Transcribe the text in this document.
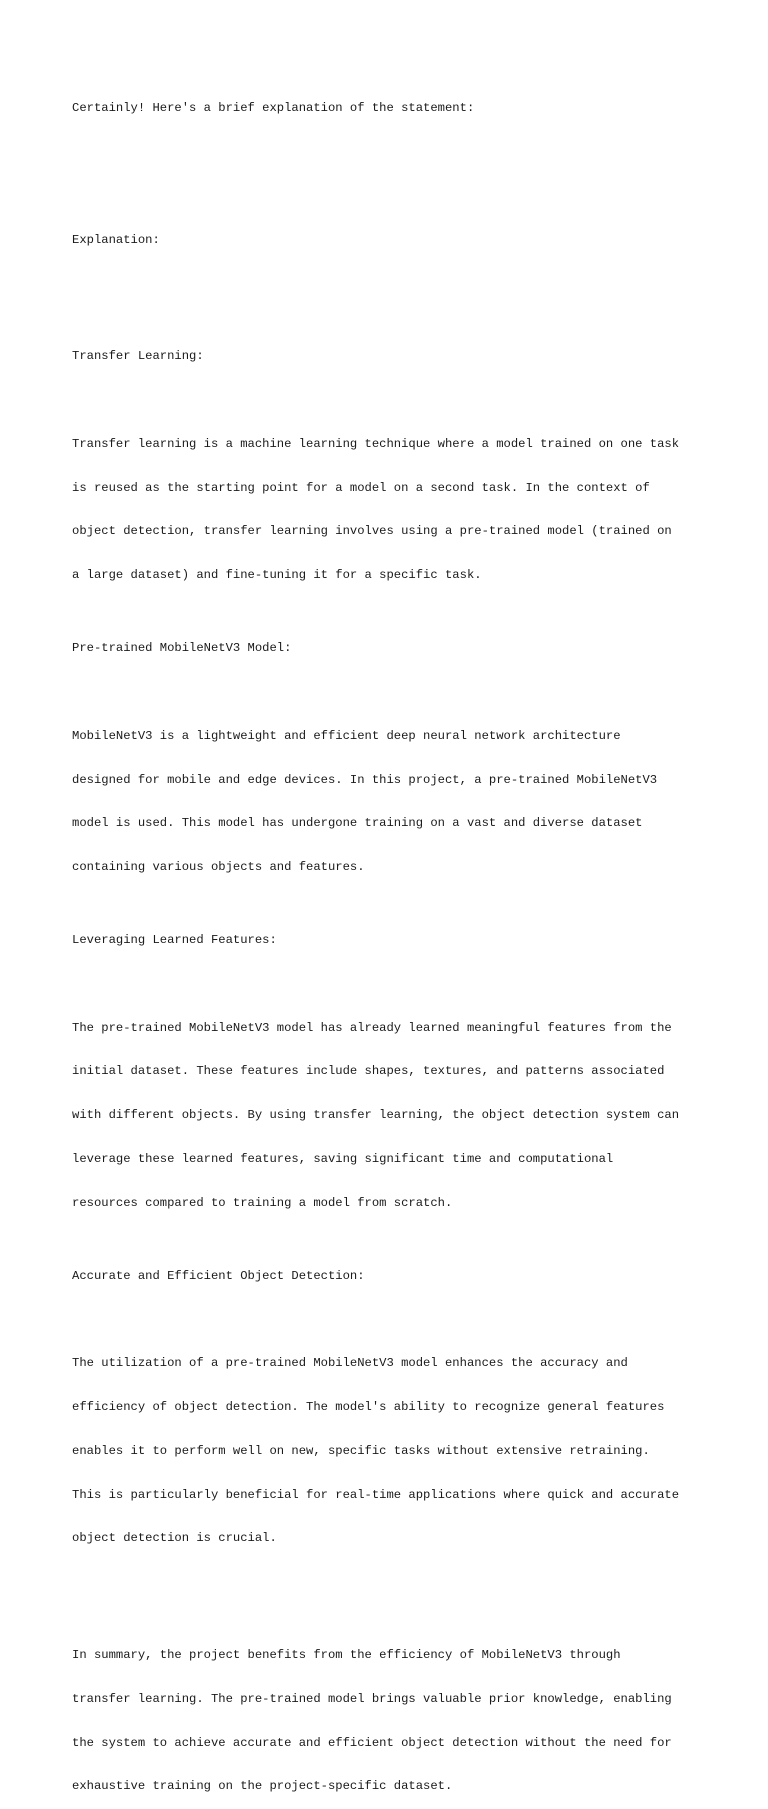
Certainly! Here's a brief explanation of the statement:

Explanation:

Transfer Learning:

Transfer learning is a machine learning technique where a model trained on one task

is reused as the starting point for a model on a second task. In the context of

object detection, transfer learning involves using a pre-trained model (trained on

a large dataset) and fine-tuning it for a specific task.

Pre-trained MobileNetV3 Model:

MobileNetV3 is a lightweight and efficient deep neural network architecture

designed for mobile and edge devices. In this project, a pre-trained MobileNetV3

model is used. This model has undergone training on a vast and diverse dataset

containing various objects and features.

Leveraging Learned Features:

The pre-trained MobileNetV3 model has already learned meaningful features from the

initial dataset. These features include shapes, textures, and patterns associated

with different objects. By using transfer learning, the object detection system can

leverage these learned features, saving significant time and computational

resources compared to training a model from scratch.

Accurate and Efficient Object Detection:

The utilization of a pre-trained MobileNetV3 model enhances the accuracy and

efficiency of object detection. The model's ability to recognize general features

enables it to perform well on new, specific tasks without extensive retraining.

This is particularly beneficial for real-time applications where quick and accurate

object detection is crucial.

In summary, the project benefits from the efficiency of MobileNetV3 through

transfer learning. The pre-trained model brings valuable prior knowledge, enabling

the system to achieve accurate and efficient object detection without the need for

exhaustive training on the project-specific dataset.
